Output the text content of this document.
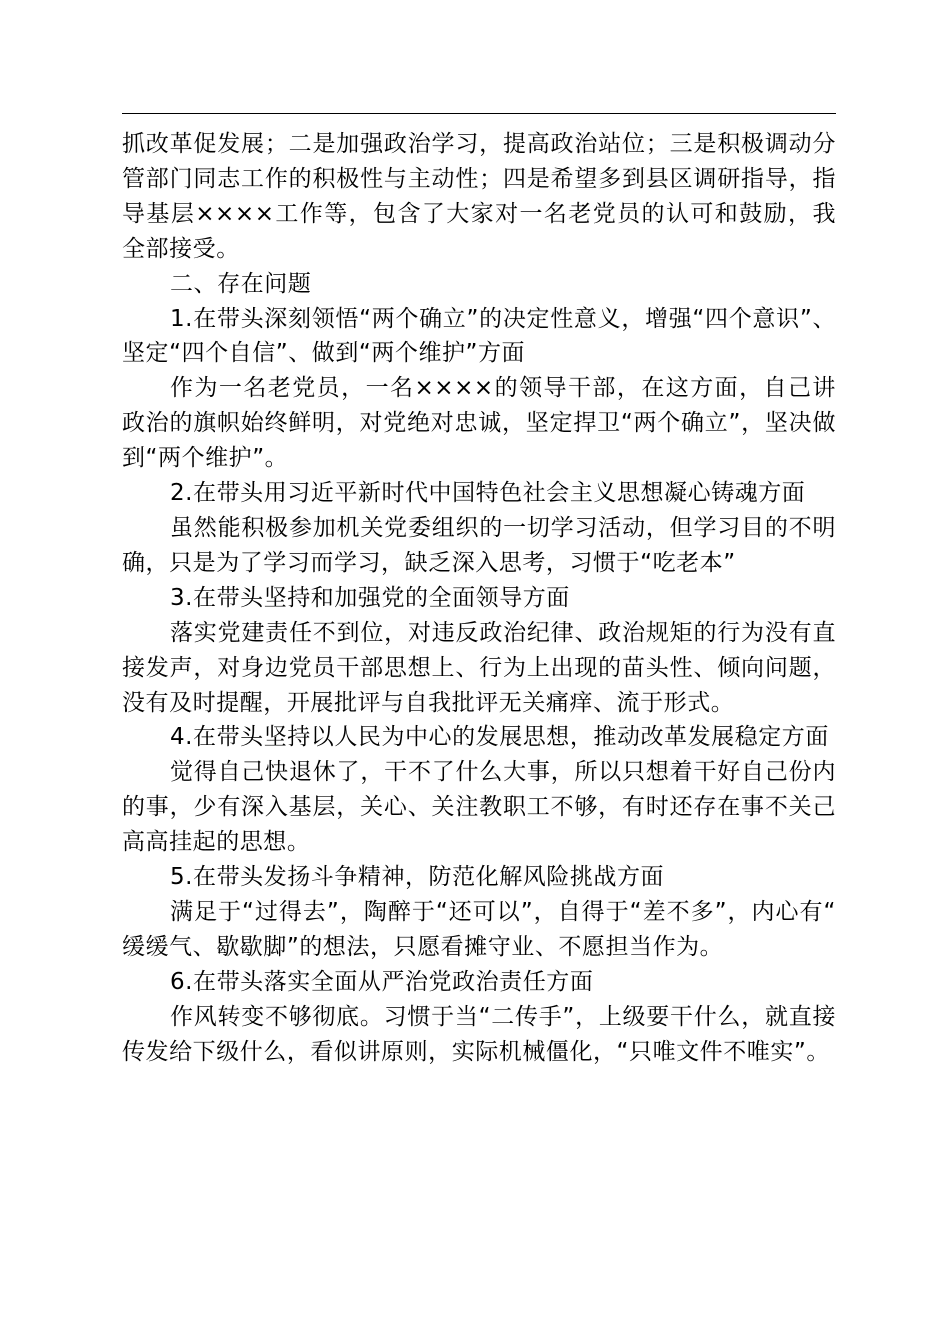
抓改革促发展；二是加强政治学习，提高政治站位；三是积极调动分管部门同志工作的积极性与主动性；四是希望多到县区调研指导，指导基层××××工作等，包含了大家对一名老党员的认可和鼓励，我全部接受。

二、存在问题

1.在带头深刻领悟“两个确立”的决定性意义，增强“四个意识”、坚定“四个自信”、做到“两个维护”方面

作为一名老党员，一名××××的领导干部，在这方面，自己讲政治的旗帜始终鲜明，对党绝对忠诚，坚定捍卫“两个确立”，坚决做到“两个维护”。

2.在带头用习近平新时代中国特色社会主义思想凝心铸魂方面

虽然能积极参加机关党委组织的一切学习活动，但学习目的不明确，只是为了学习而学习，缺乏深入思考，习惯于“吃老本”

3.在带头坚持和加强党的全面领导方面

落实党建责任不到位，对违反政治纪律、政治规矩的行为没有直接发声，对身边党员干部思想上、行为上出现的苗头性、倾向问题，没有及时提醒，开展批评与自我批评无关痛痒、流于形式。

4.在带头坚持以人民为中心的发展思想，推动改革发展稳定方面

觉得自己快退休了，干不了什么大事，所以只想着干好自己份内的事，少有深入基层，关心、关注教职工不够，有时还存在事不关己高高挂起的思想。

5.在带头发扬斗争精神，防范化解风险挑战方面

满足于“过得去”，陶醉于“还可以”，自得于“差不多”，内心有“缓缓气、歇歇脚”的想法，只愿看摊守业、不愿担当作为。

6.在带头落实全面从严治党政治责任方面

作风转变不够彻底。习惯于当“二传手”，上级要干什么，就直接传发给下级什么，看似讲原则，实际机械僵化，“只唯文件不唯实”。
